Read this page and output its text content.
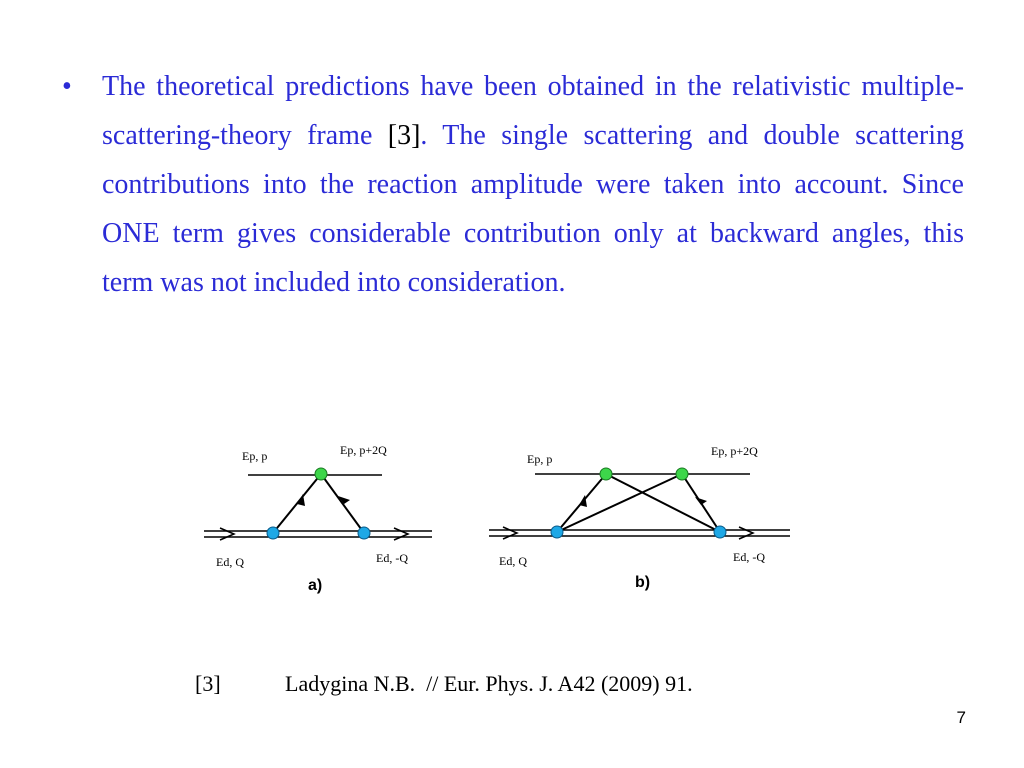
•	The theoretical predictions have been obtained in the relativistic multiple-scattering-theory frame [3]. The single scattering and double scattering contributions into the reaction amplitude were taken into account. Since ONE term gives considerable contribution only at backward angles, this term was not included into consideration.
Ep, p	Ep, p+2Q
Ed, Q	Ed, -Q
a)
Ep, p
Ep, p+2Q
Ed, Q	Ed, -Q
b)
[3]	Ladygina N.B.  // Eur. Phys. J. A42 (2009) 91.
7
